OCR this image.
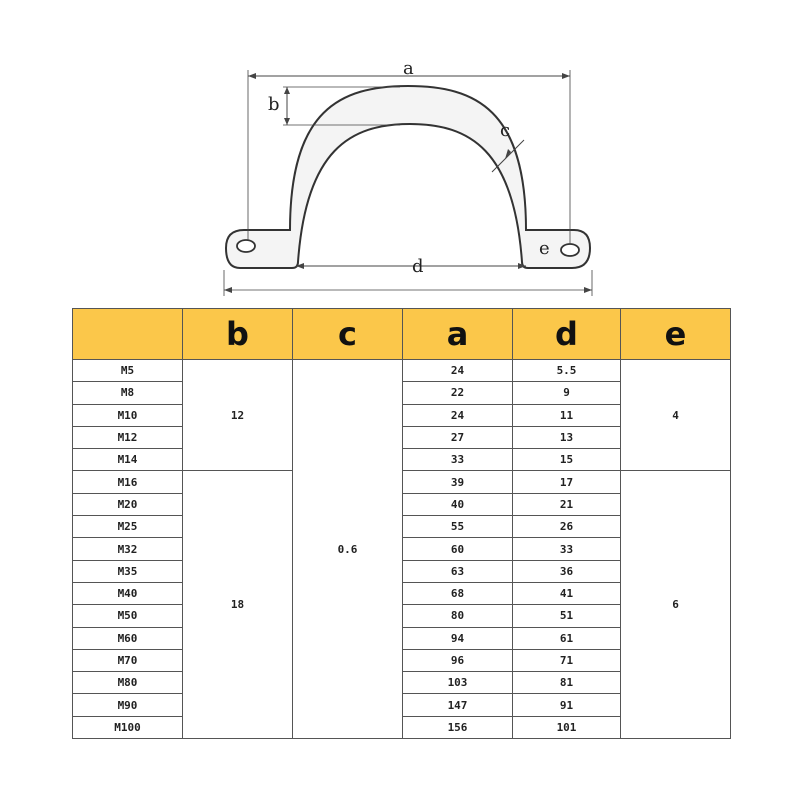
a
b
c
d
e
	b	c	a	d	e
M5	12	0.6	24	5.5	4
M8			22	9	
M10			24	11	
M12			27	13	
M14			33	15	
M16	18		39	17	6
M20			40	21	
M25			55	26	
M32			60	33	
M35			63	36	
M40			68	41	
M50			80	51	
M60			94	61	
M70			96	71	
M80			103	81	
M90			147	91	
M100			156	101	
